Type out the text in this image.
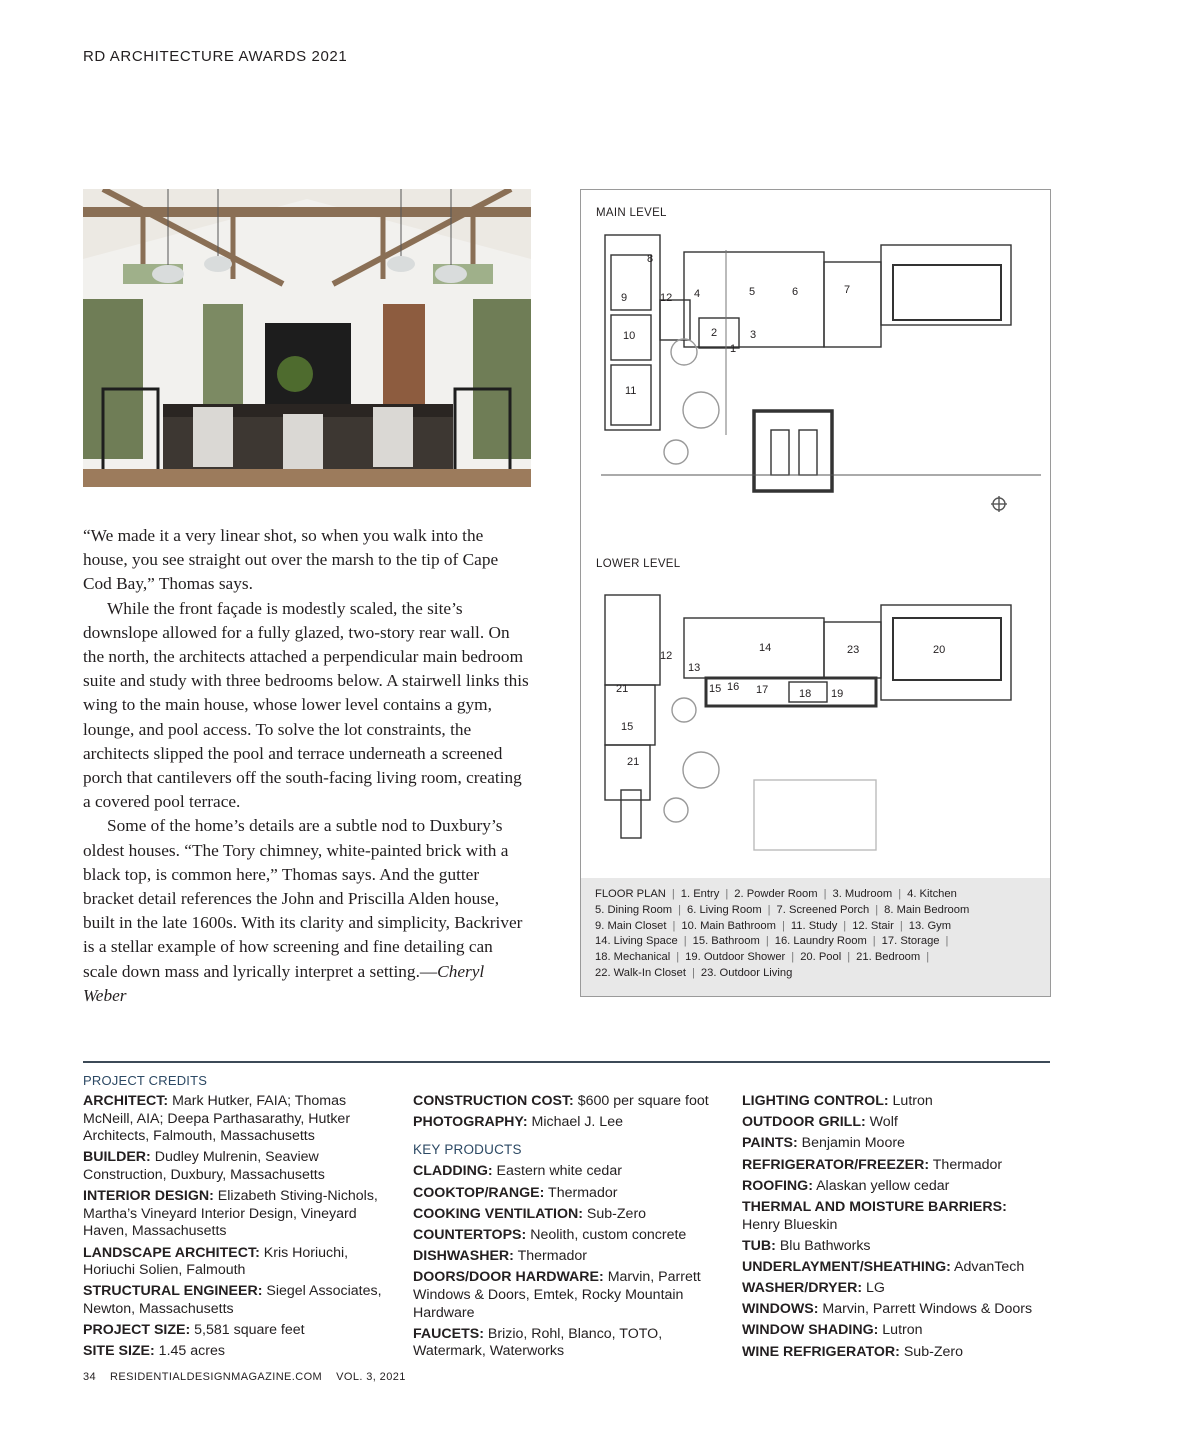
RD ARCHITECTURE AWARDS 2021

“We made it a very linear shot, so when you walk into the house, you see straight out over the marsh to the tip of Cape Cod Bay,” Thomas says.

While the front façade is modestly scaled, the site’s downslope allowed for a fully glazed, two-story rear wall. On the north, the architects attached a perpendicular main bedroom suite and study with three bedrooms below. A stairwell links this wing to the main house, whose lower level contains a gym, lounge, and pool access. To solve the lot constraints, the architects slipped the pool and terrace underneath a screened porch that cantilevers off the south-facing living room, creating a covered pool terrace.

Some of the home’s details are a subtle nod to Duxbury’s oldest houses. “The Tory chimney, white-painted brick with a black top, is common here,” Thomas says. And the gutter bracket detail references the John and Priscilla Alden house, built in the late 1600s. With its clarity and simplicity, Backriver is a stellar example of how screening and fine detailing can scale down mass and lyrically interpret a setting.—Cheryl Weber

MAIN LEVEL
LOWER LEVEL
8
9	12 4	5	6	7
10	2	3
1
11
12
14	23	20
13
21	15 16 17	18 19
15
21
FLOOR PLAN | 1. Entry | 2. Powder Room | 3. Mudroom | 4. Kitchen
5. Dining Room | 6. Living Room | 7. Screened Porch | 8. Main Bedroom
9. Main Closet | 10. Main Bathroom | 11. Study | 12. Stair | 13. Gym
14. Living Space | 15. Bathroom | 16. Laundry Room | 17. Storage |
18. Mechanical | 19. Outdoor Shower | 20. Pool | 21. Bedroom |
22. Walk-In Closet | 23. Outdoor Living
PROJECT CREDITS
ARCHITECT: Mark Hutker, FAIA; Thomas McNeill, AIA; Deepa Parthasarathy, Hutker Architects, Falmouth, Massachusetts
BUILDER: Dudley Mulrenin, Seaview Construction, Duxbury, Massachusetts
INTERIOR DESIGN: Elizabeth Stiving-Nichols, Martha’s Vineyard Interior Design, Vineyard Haven, Massachusetts
LANDSCAPE ARCHITECT: Kris Horiuchi, Horiuchi Solien, Falmouth
STRUCTURAL ENGINEER: Siegel Associates, Newton, Massachusetts
PROJECT SIZE: 5,581 square feet
SITE SIZE: 1.45 acres
CONSTRUCTION COST: $600 per square foot
PHOTOGRAPHY: Michael J. Lee
KEY PRODUCTS
CLADDING: Eastern white cedar
COOKTOP/RANGE: Thermador
COOKING VENTILATION: Sub-Zero
COUNTERTOPS: Neolith, custom concrete
DISHWASHER: Thermador
DOORS/DOOR HARDWARE: Marvin, Parrett Windows & Doors, Emtek, Rocky Mountain Hardware
FAUCETS: Brizio, Rohl, Blanco, TOTO, Watermark, Waterworks
LIGHTING CONTROL: Lutron
OUTDOOR GRILL: Wolf
PAINTS: Benjamin Moore
REFRIGERATOR/FREEZER: Thermador
ROOFING: Alaskan yellow cedar
THERMAL AND MOISTURE BARRIERS:
Henry Blueskin
TUB: Blu Bathworks
UNDERLAYMENT/SHEATHING: AdvanTech
WASHER/DRYER: LG
WINDOWS: Marvin, Parrett Windows & Doors
WINDOW SHADING: Lutron
WINE REFRIGERATOR: Sub-Zero
34 RESIDENTIALDESIGNMAGAZINE.COM VOL. 3, 2021
